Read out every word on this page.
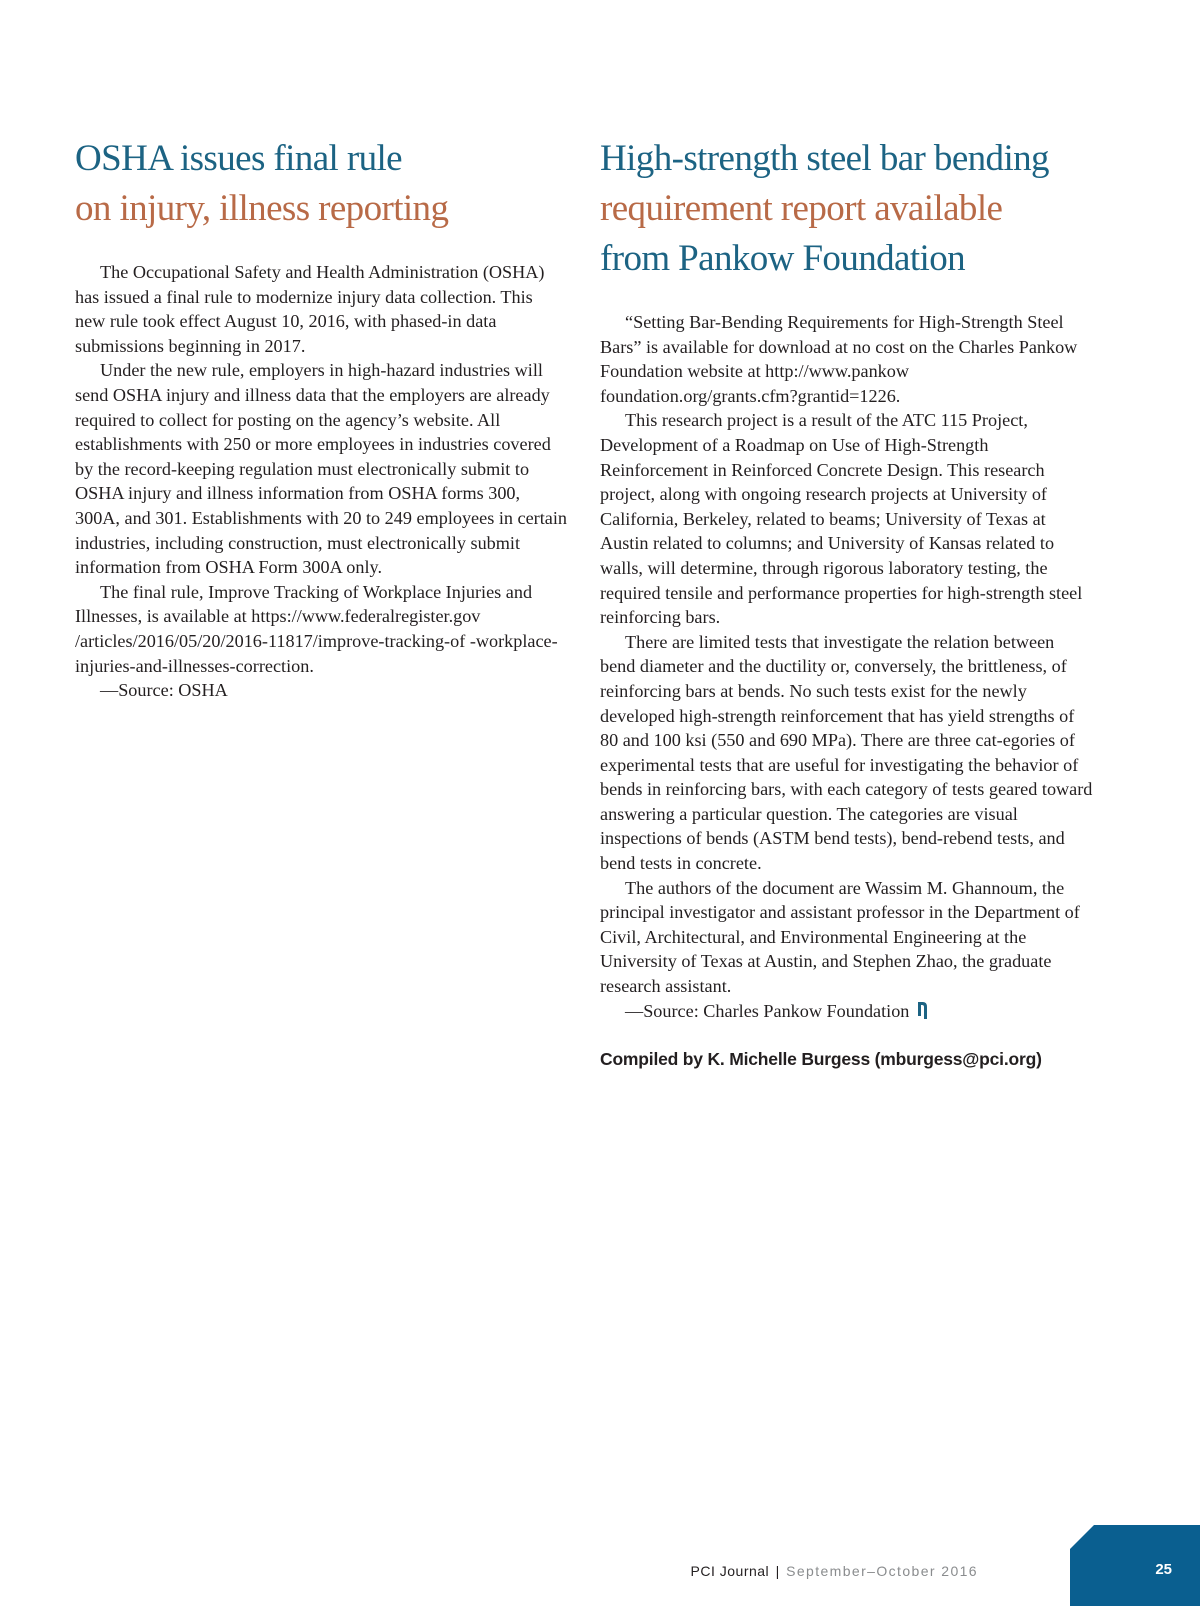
OSHA issues final rule
on injury, illness reporting

The Occupational Safety and Health Administration (OSHA) has issued a final rule to modernize injury data collection. This new rule took effect August 10, 2016, with phased-in data submissions beginning in 2017.

Under the new rule, employers in high-hazard industries will send OSHA injury and illness data that the employers are already required to collect for posting on the agency’s website. All establishments with 250 or more employees in industries covered by the record-keeping regulation must electronically submit to OSHA injury and illness information from OSHA forms 300, 300A, and 301. Establishments with 20 to 249 employees in certain industries, including construction, must electronically submit information from OSHA Form 300A only.

The final rule, Improve Tracking of Workplace Injuries and Illnesses, is available at https://www.federalregister.gov /articles/2016/05/20/2016-11817/improve-tracking-of -workplace-injuries-and-illnesses-correction.

—Source: OSHA

High-strength steel bar bending
requirement report available
from Pankow Foundation

“Setting Bar-Bending Requirements for High-Strength Steel Bars” is available for download at no cost on the Charles Pankow Foundation website at http://www.pankow foundation.org/grants.cfm?grantid=1226.

This research project is a result of the ATC 115 Project, Development of a Roadmap on Use of High-Strength Reinforcement in Reinforced Concrete Design. This research project, along with ongoing research projects at University of California, Berkeley, related to beams; University of Texas at Austin related to columns; and University of Kansas related to walls, will determine, through rigorous laboratory testing, the required tensile and performance properties for high-strength steel reinforcing bars.

There are limited tests that investigate the relation between bend diameter and the ductility or, conversely, the brittleness, of reinforcing bars at bends. No such tests exist for the newly developed high-strength reinforcement that has yield strengths of 80 and 100 ksi (550 and 690 MPa). There are three cat-egories of experimental tests that are useful for investigating the behavior of bends in reinforcing bars, with each category of tests geared toward answering a particular question. The categories are visual inspections of bends (ASTM bend tests), bend-rebend tests, and bend tests in concrete.

The authors of the document are Wassim M. Ghannoum, the principal investigator and assistant professor in the Department of Civil, Architectural, and Environmental Engineering at the University of Texas at Austin, and Stephen Zhao, the graduate research assistant.

—Source: Charles Pankow Foundation

Compiled by K. Michelle Burgess (mburgess@pci.org)
PCI Journal | September–October 2016	25
